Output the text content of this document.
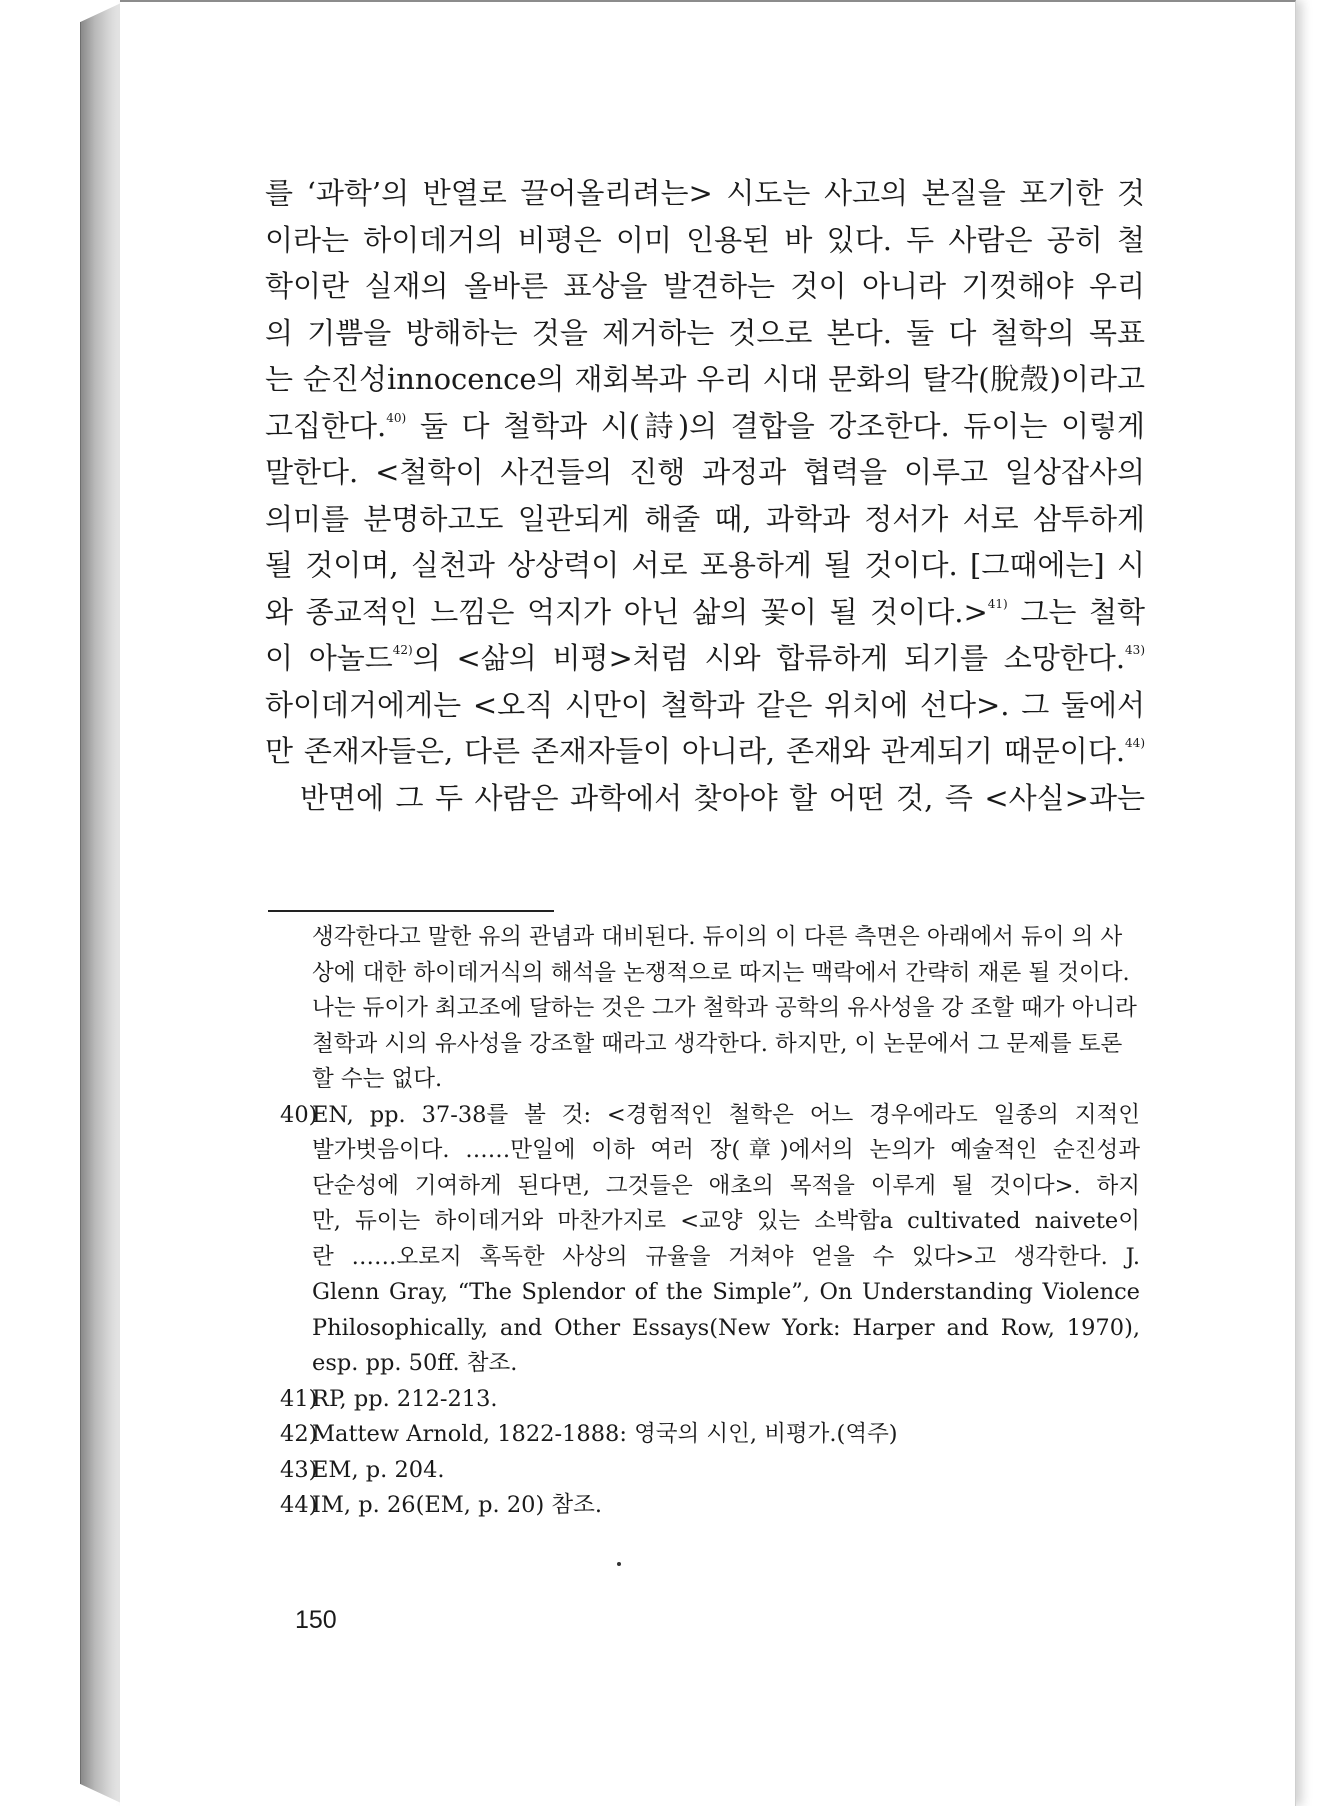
를 ‘과학’의 반열로 끌어올리려는> 시도는 사고의 본질을 포기한 것
이라는 하이데거의 비평은 이미 인용된 바 있다. 두 사람은 공히 철
학이란 실재의 올바른 표상을 발견하는 것이 아니라 기껏해야 우리
의 기쁨을 방해하는 것을 제거하는 것으로 본다. 둘 다 철학의 목표
는 순진성innocence의 재회복과 우리 시대 문화의 탈각(脫殼)이라고
고집한다.$^{40)}$ 둘 다 철학과 시(詩)의 결합을 강조한다. 듀이는 이렇게
말한다. <철학이 사건들의 진행 과정과 협력을 이루고 일상잡사의
의미를 분명하고도 일관되게 해줄 때, 과학과 정서가 서로 삼투하게
될 것이며, 실천과 상상력이 서로 포용하게 될 것이다. [그때에는] 시
와 종교적인 느낌은 억지가 아닌 삶의 꽃이 될 것이다.>$^{41)}$ 그는 철학
이 아놀드$^{42)}$의 <삶의 비평>처럼 시와 합류하게 되기를 소망한다.$^{43)}$
하이데거에게는 <오직 시만이 철학과 같은 위치에 선다>. 그 둘에서
만 존재자들은, 다른 존재자들이 아니라, 존재와 관계되기 때문이다.$^{44)}$
반면에 그 두 사람은 과학에서 찾아야 할 어떤 것, 즉 <사실>과는
생각한다고 말한 유의 관념과 대비된다. 듀이의 이 다른 측면은 아래에서 듀이 의 사상에 대한 하이데거식의 해석을 논쟁적으로 따지는 맥락에서 간략히 재론 될 것이다. 나는 듀이가 최고조에 달하는 것은 그가 철학과 공학의 유사성을 강 조할 때가 아니라 철학과 시의 유사성을 강조할 때라고 생각한다. 하지만, 이 논문에서 그 문제를 토론할 수는 없다.
40)
EN, pp. 37-38를 볼 것: <경험적인 철학은 어느 경우에라도 일종의 지적인
발가벗음이다. ……만일에 이하 여러 장(章)에서의 논의가 예술적인 순진성과
단순성에 기여하게 된다면, 그것들은 애초의 목적을 이루게 될 것이다>. 하지
만, 듀이는 하이데거와 마찬가지로 <교양 있는 소박함a cultivated naivete이
란 ……오로지 혹독한 사상의 규율을 거쳐야 얻을 수 있다>고 생각한다. J.
Glenn Gray, “The Splendor of the Simple”, On Understanding Violence
Philosophically, and Other Essays(New York: Harper and Row, 1970),
esp. pp. 50ff. 참조.
41)
RP, pp. 212-213.
42)
Mattew Arnold, 1822-1888: 영국의 시인, 비평가.(역주)
43)
EM, p. 204.
44)
IM, p. 26(EM, p. 20) 참조.
150
